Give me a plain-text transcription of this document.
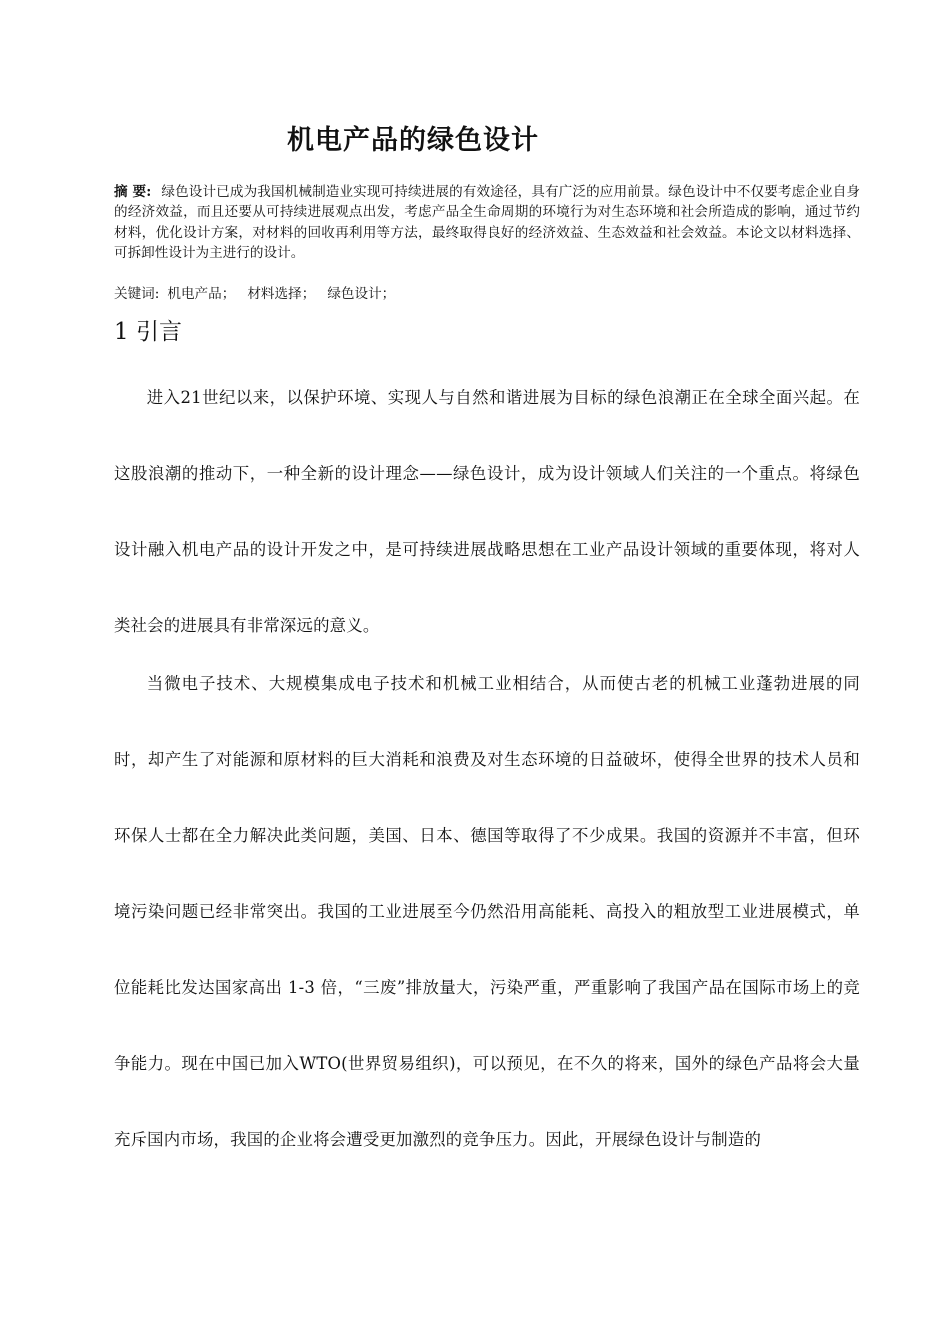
机电产品的绿色设计

摘 要: 绿色设计已成为我国机械制造业实现可持续进展的有效途径，具有广泛的应用前景。绿色设计中不仅要考虑企业自身的经济效益，而且还要从可持续进展观点出发，考虑产品全生命周期的环境行为对生态环境和社会所造成的影响，通过节约材料，优化设计方案，对材料的回收再利用等方法，最终取得良好的经济效益、生态效益和社会效益。本论文以材料选择、可拆卸性设计为主进行的设计。

关键词: 机电产品； 材料选择； 绿色设计；

1 引言

进入21世纪以来，以保护环境、实现人与自然和谐进展为目标的绿色浪潮正在全球全面兴起。在这股浪潮的推动下，一种全新的设计理念——绿色设计，成为设计领域人们关注的一个重点。将绿色设计融入机电产品的设计开发之中，是可持续进展战略思想在工业产品设计领域的重要体现，将对人类社会的进展具有非常深远的意义。

当微电子技术、大规模集成电子技术和机械工业相结合，从而使古老的机械工业蓬勃进展的同时，却产生了对能源和原材料的巨大消耗和浪费及对生态环境的日益破坏，使得全世界的技术人员和环保人士都在全力解决此类问题，美国、日本、德国等取得了不少成果。我国的资源并不丰富，但环境污染问题已经非常突出。我国的工业进展至今仍然沿用高能耗、高投入的粗放型工业进展模式，单位能耗比发达国家高出 1-3 倍，“三废”排放量大，污染严重，严重影响了我国产品在国际市场上的竞争能力。现在中国已加入WTO(世界贸易组织)，可以预见，在不久的将来，国外的绿色产品将会大量充斥国内市场，我国的企业将会遭受更加激烈的竞争压力。因此，开展绿色设计与制造的
